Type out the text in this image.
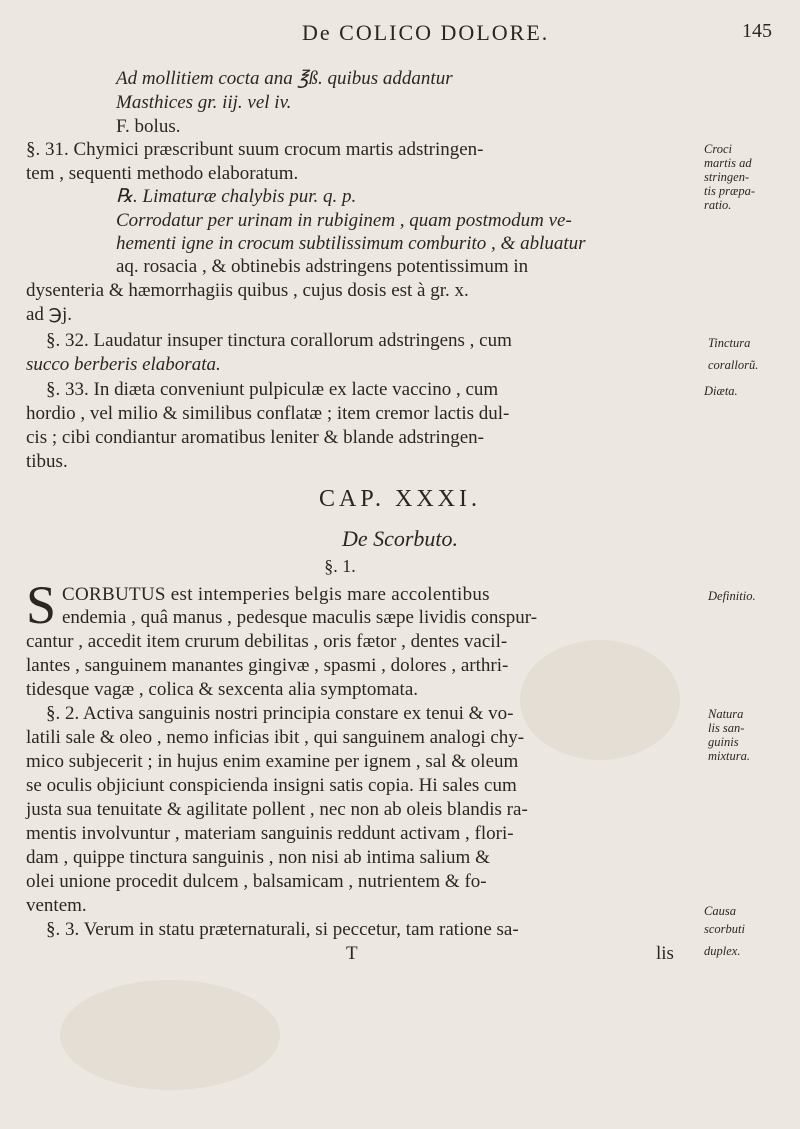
De COLICO DOLORE.	145
Ad mollitiem cocta ana ℥ß. quibus addantur
Masthices gr. iij. vel iv.
F. bolus.
§. 31. Chymici præscribunt suum crocum martis adstringen-
tem , sequenti methodo elaboratum.
℞. Limaturæ chalybis pur. q. p.
Corrodatur per urinam in rubiginem , quam postmodum ve-
hementi igne in crocum subtilissimum comburito , & abluatur
aq. rosacia , & obtinebis adstringens potentissimum in
dysenteria & hæmorrhagiis quibus , cujus dosis est à gr. x.
ad ℈j.
Croci
martis ad
stringen-
tis præpa-
ratio.
§. 32. Laudatur insuper tinctura corallorum adstringens , cum
succo berberis elaborata.
Tinctura
corallorũ.
§. 33. In diæta conveniunt pulpiculæ ex lacte vaccino , cum
hordio , vel milio & similibus conflatæ ; item cremor lactis dul-
cis ; cibi condiantur aromatibus leniter & blande adstringen-
tibus.
Diæta.
CAP. XXXI.
De Scorbuto.
§. 1.
S CORBUTUS est intemperies belgis mare accolentibus
endemia , quâ manus , pedesque maculis sæpe lividis conspur-
cantur , accedit item crurum debilitas , oris fætor , dentes vacil-
lantes , sanguinem manantes gingivæ , spasmi , dolores , arthri-
tidesque vagæ , colica & sexcenta alia symptomata.
Definitio.
§. 2. Activa sanguinis nostri principia constare ex tenui & vo-
latili sale & oleo , nemo inficias ibit , qui sanguinem analogi chy-
mico subjecerit ; in hujus enim examine per ignem , sal & oleum
se oculis objiciunt conspicienda insigni satis copia. Hi sales cum
justa sua tenuitate & agilitate pollent , nec non ab oleis blandis ra-
mentis involvuntur , materiam sanguinis reddunt activam , flori-
dam , quippe tinctura sanguinis , non nisi ab intima salium &
olei unione procedit dulcem , balsamicam , nutrientem & fo-
ventem.
Natura
lis san-
guinis
mixtura.
§. 3. Verum in statu præternaturali, si peccetur, tam ratione sa-
lis
T
Causa
scorbuti
duplex.
